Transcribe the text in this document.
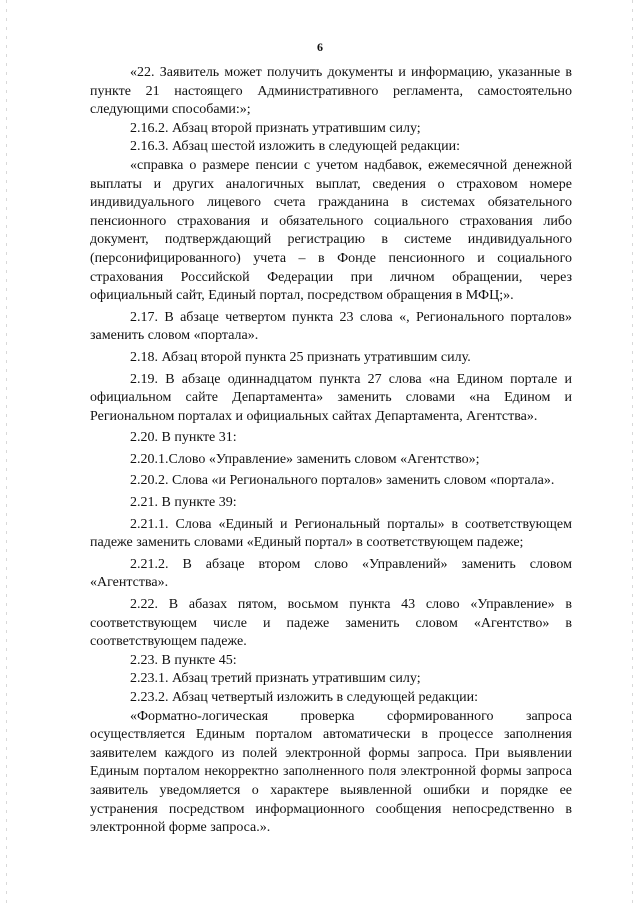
6

«22. Заявитель может получить документы и информацию, указанные в пункте 21 настоящего Административного регламента, самостоятельно следующими способами:»;

2.16.2. Абзац второй признать утратившим силу;

2.16.3. Абзац шестой изложить в следующей редакции:

«справка о размере пенсии с учетом надбавок, ежемесячной денежной выплаты и других аналогичных выплат, сведения о страховом номере индивидуального лицевого счета гражданина в системах обязательного пенсионного страхования и обязательного социального страхования либо документ, подтверждающий регистрацию в системе индивидуального (персонифицированного) учета – в Фонде пенсионного и социального страхования Российской Федерации при личном обращении, через официальный сайт, Единый портал, посредством обращения в МФЦ;».

2.17. В абзаце четвертом пункта 23 слова «, Регионального порталов» заменить словом «портала».

2.18. Абзац второй пункта 25 признать утратившим силу.

2.19. В абзаце одиннадцатом пункта 27 слова «на Едином портале и официальном сайте Департамента» заменить словами «на Едином и Региональном порталах и официальных сайтах Департамента, Агентства».

2.20. В пункте 31:

2.20.1.Слово «Управление» заменить словом «Агентство»;

2.20.2. Слова «и Регионального порталов» заменить словом «портала».

2.21. В пункте 39:

2.21.1. Слова «Единый и Региональный порталы» в соответствующем падеже заменить словами «Единый портал» в соответствующем падеже;

2.21.2. В абзаце втором слово «Управлений» заменить словом «Агентства».

2.22. В абазах пятом, восьмом пункта 43 слово «Управление» в соответствующем числе и падеже заменить словом «Агентство» в соответствующем падеже.

2.23. В пункте 45:

2.23.1. Абзац третий признать утратившим силу;

2.23.2. Абзац четвертый изложить в следующей редакции:

«Форматно-логическая проверка сформированного запроса осуществляется Единым порталом автоматически в процессе заполнения заявителем каждого из полей электронной формы запроса. При выявлении Единым порталом некорректно заполненного поля электронной формы запроса заявитель уведомляется о характере выявленной ошибки и порядке ее устранения посредством информационного сообщения непосредственно в электронной форме запроса.».
